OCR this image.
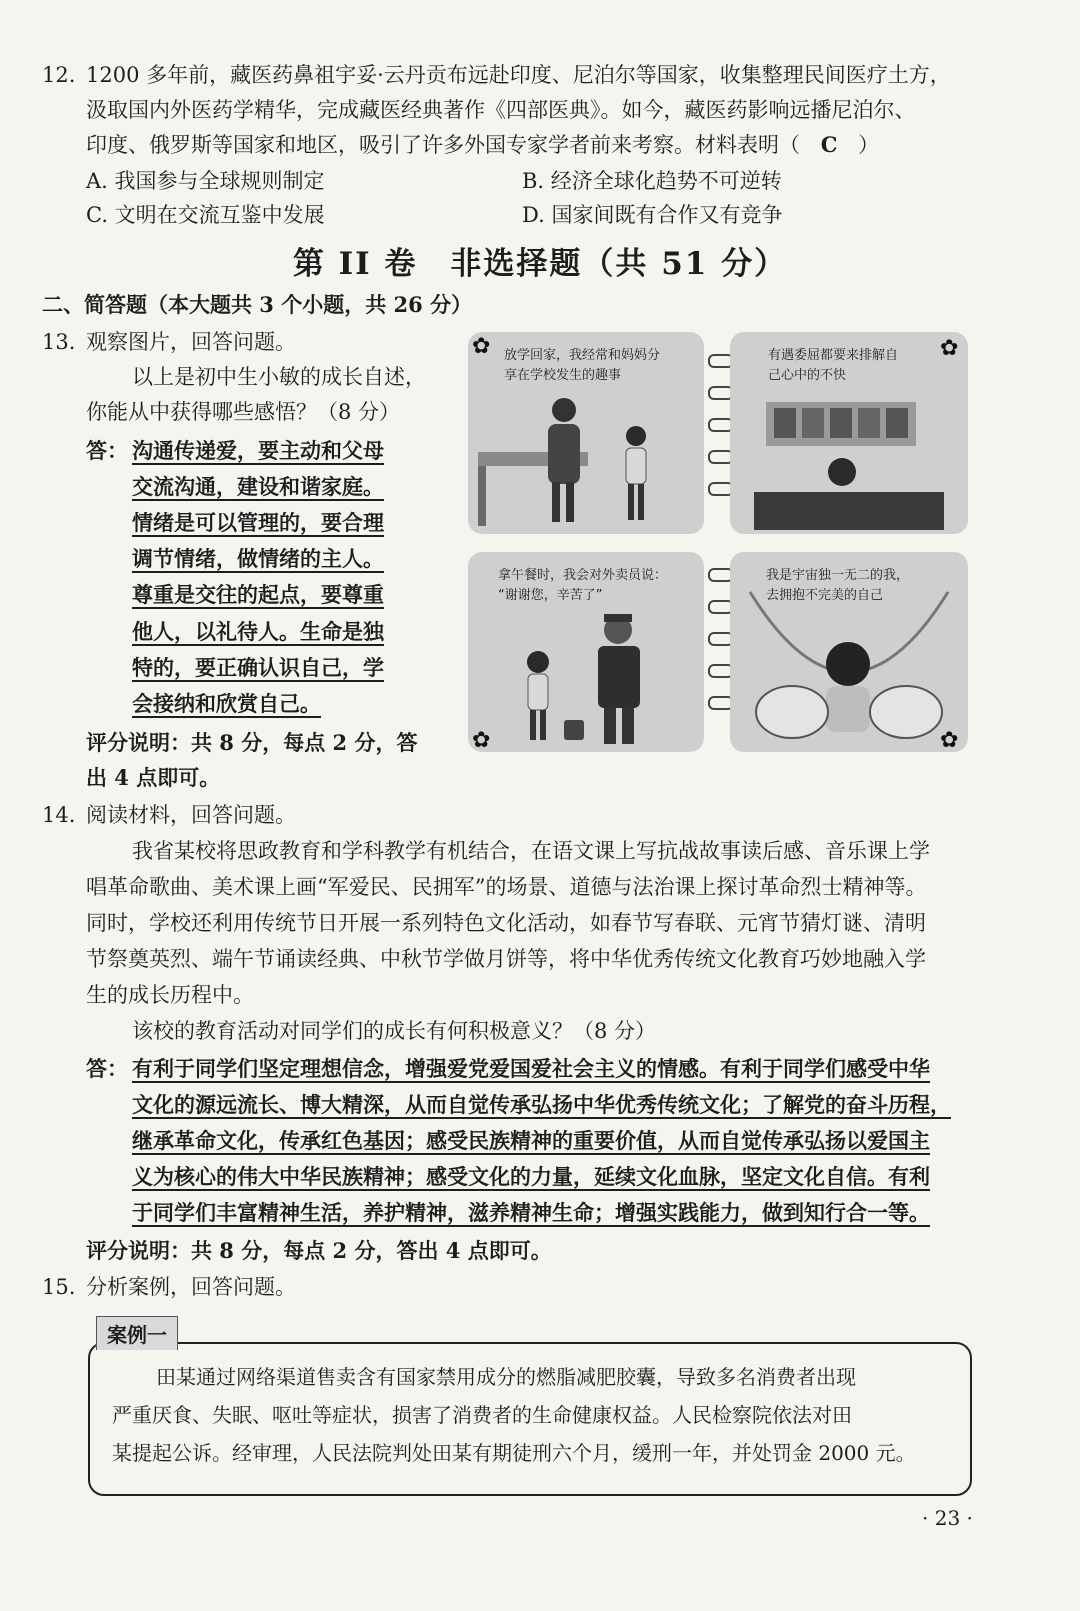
12. 1200 多年前，藏医药鼻祖宇妥·云丹贡布远赴印度、尼泊尔等国家，收集整理民间医疗土方，
汲取国内外医药学精华，完成藏医经典著作《四部医典》。如今，藏医药影响远播尼泊尔、
印度、俄罗斯等国家和地区，吸引了许多外国专家学者前来考察。材料表明（ C ）
A. 我国参与全球规则制定	B. 经济全球化趋势不可逆转
C. 文明在交流互鉴中发展	D. 国家间既有合作又有竞争
第 II 卷　非选择题（共 51 分）
二、简答题（本大题共 3 个小题，共 26 分）
13. 观察图片，回答问题。
以上是初中生小敏的成长自述，
你能从中获得哪些感悟？（8 分）
答： 沟通传递爱，要主动和父母
交流沟通，建设和谐家庭。
情绪是可以管理的，要合理
调节情绪，做情绪的主人。
尊重是交往的起点，要尊重
他人，以礼待人。生命是独
特的，要正确认识自己，学
会接纳和欣赏自己。
评分说明：共 8 分，每点 2 分，答
出 4 点即可。
放学回家，我经常和妈妈分
享在学校发生的趣事
✿	有遇委屈都要来排解自
己心中的不快
✿
拿午餐时，我会对外卖员说：
“谢谢您，辛苦了”
✿
我是宇宙独一无二的我，
去拥抱不完美的自己
✿
14. 阅读材料，回答问题。
我省某校将思政教育和学科教学有机结合，在语文课上写抗战故事读后感、音乐课上学
唱革命歌曲、美术课上画“军爱民、民拥军”的场景、道德与法治课上探讨革命烈士精神等。
同时，学校还利用传统节日开展一系列特色文化活动，如春节写春联、元宵节猜灯谜、清明
节祭奠英烈、端午节诵读经典、中秋节学做月饼等，将中华优秀传统文化教育巧妙地融入学
生的成长历程中。
该校的教育活动对同学们的成长有何积极意义？（8 分）
答： 有利于同学们坚定理想信念，增强爱党爱国爱社会主义的情感。有利于同学们感受中华
文化的源远流长、博大精深，从而自觉传承弘扬中华优秀传统文化；了解党的奋斗历程，
继承革命文化，传承红色基因；感受民族精神的重要价值，从而自觉传承弘扬以爱国主
义为核心的伟大中华民族精神；感受文化的力量，延续文化血脉，坚定文化自信。有利
于同学们丰富精神生活，养护精神，滋养精神生命；增强实践能力，做到知行合一等。
评分说明：共 8 分，每点 2 分，答出 4 点即可。
15. 分析案例，回答问题。
案例一
田某通过网络渠道售卖含有国家禁用成分的燃脂减肥胶囊，导致多名消费者出现
严重厌食、失眠、呕吐等症状，损害了消费者的生命健康权益。人民检察院依法对田
某提起公诉。经审理，人民法院判处田某有期徒刑六个月，缓刑一年，并处罚金 2000 元。
· 23 ·
